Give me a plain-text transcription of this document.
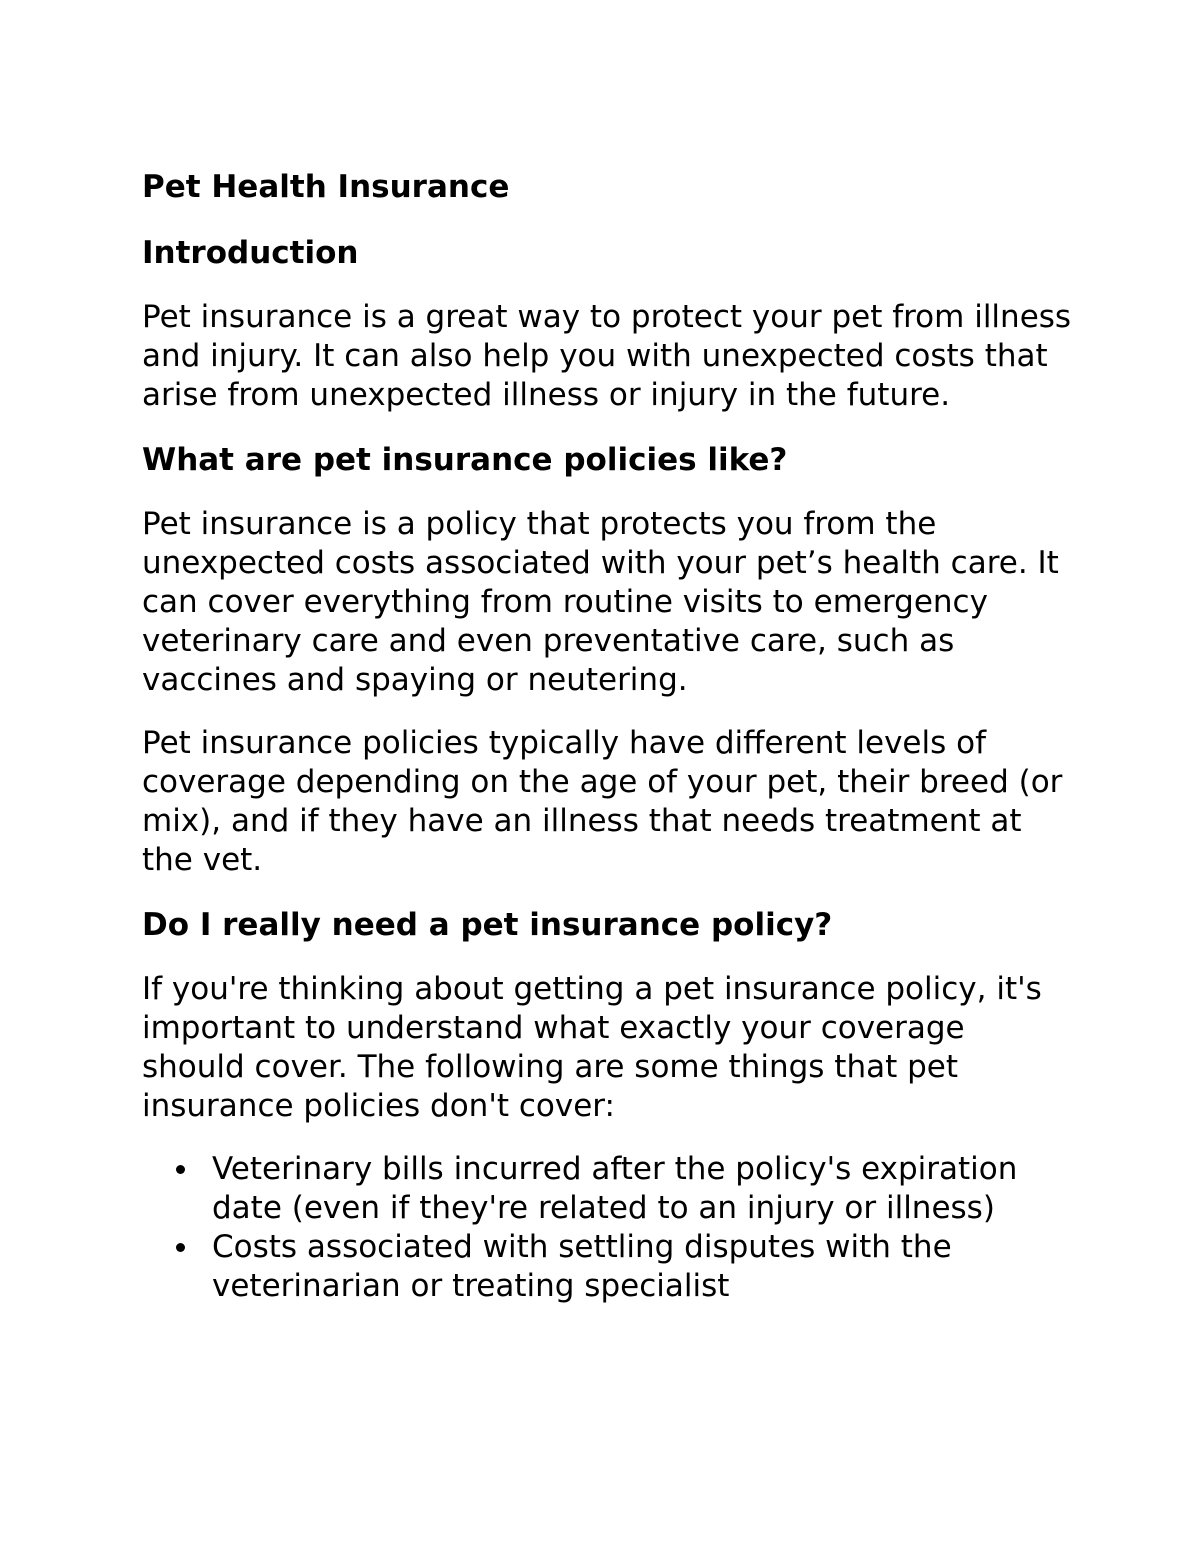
Pet Health Insurance
Introduction

Pet insurance is a great way to protect your pet from illness and injury. It can also help you with unexpected costs that arise from unexpected illness or injury in the future.

What are pet insurance policies like?

Pet insurance is a policy that protects you from the unexpected costs associated with your pet’s health care. It can cover everything from routine visits to emergency veterinary care and even preventative care, such as vaccines and spaying or neutering.

Pet insurance policies typically have different levels of coverage depending on the age of your pet, their breed (or mix), and if they have an illness that needs treatment at the vet.

Do I really need a pet insurance policy?

If you're thinking about getting a pet insurance policy, it's important to understand what exactly your coverage should cover. The following are some things that pet insurance policies don't cover:

Veterinary bills incurred after the policy's expiration date (even if they're related to an injury or illness)
Costs associated with settling disputes with the veterinarian or treating specialist
